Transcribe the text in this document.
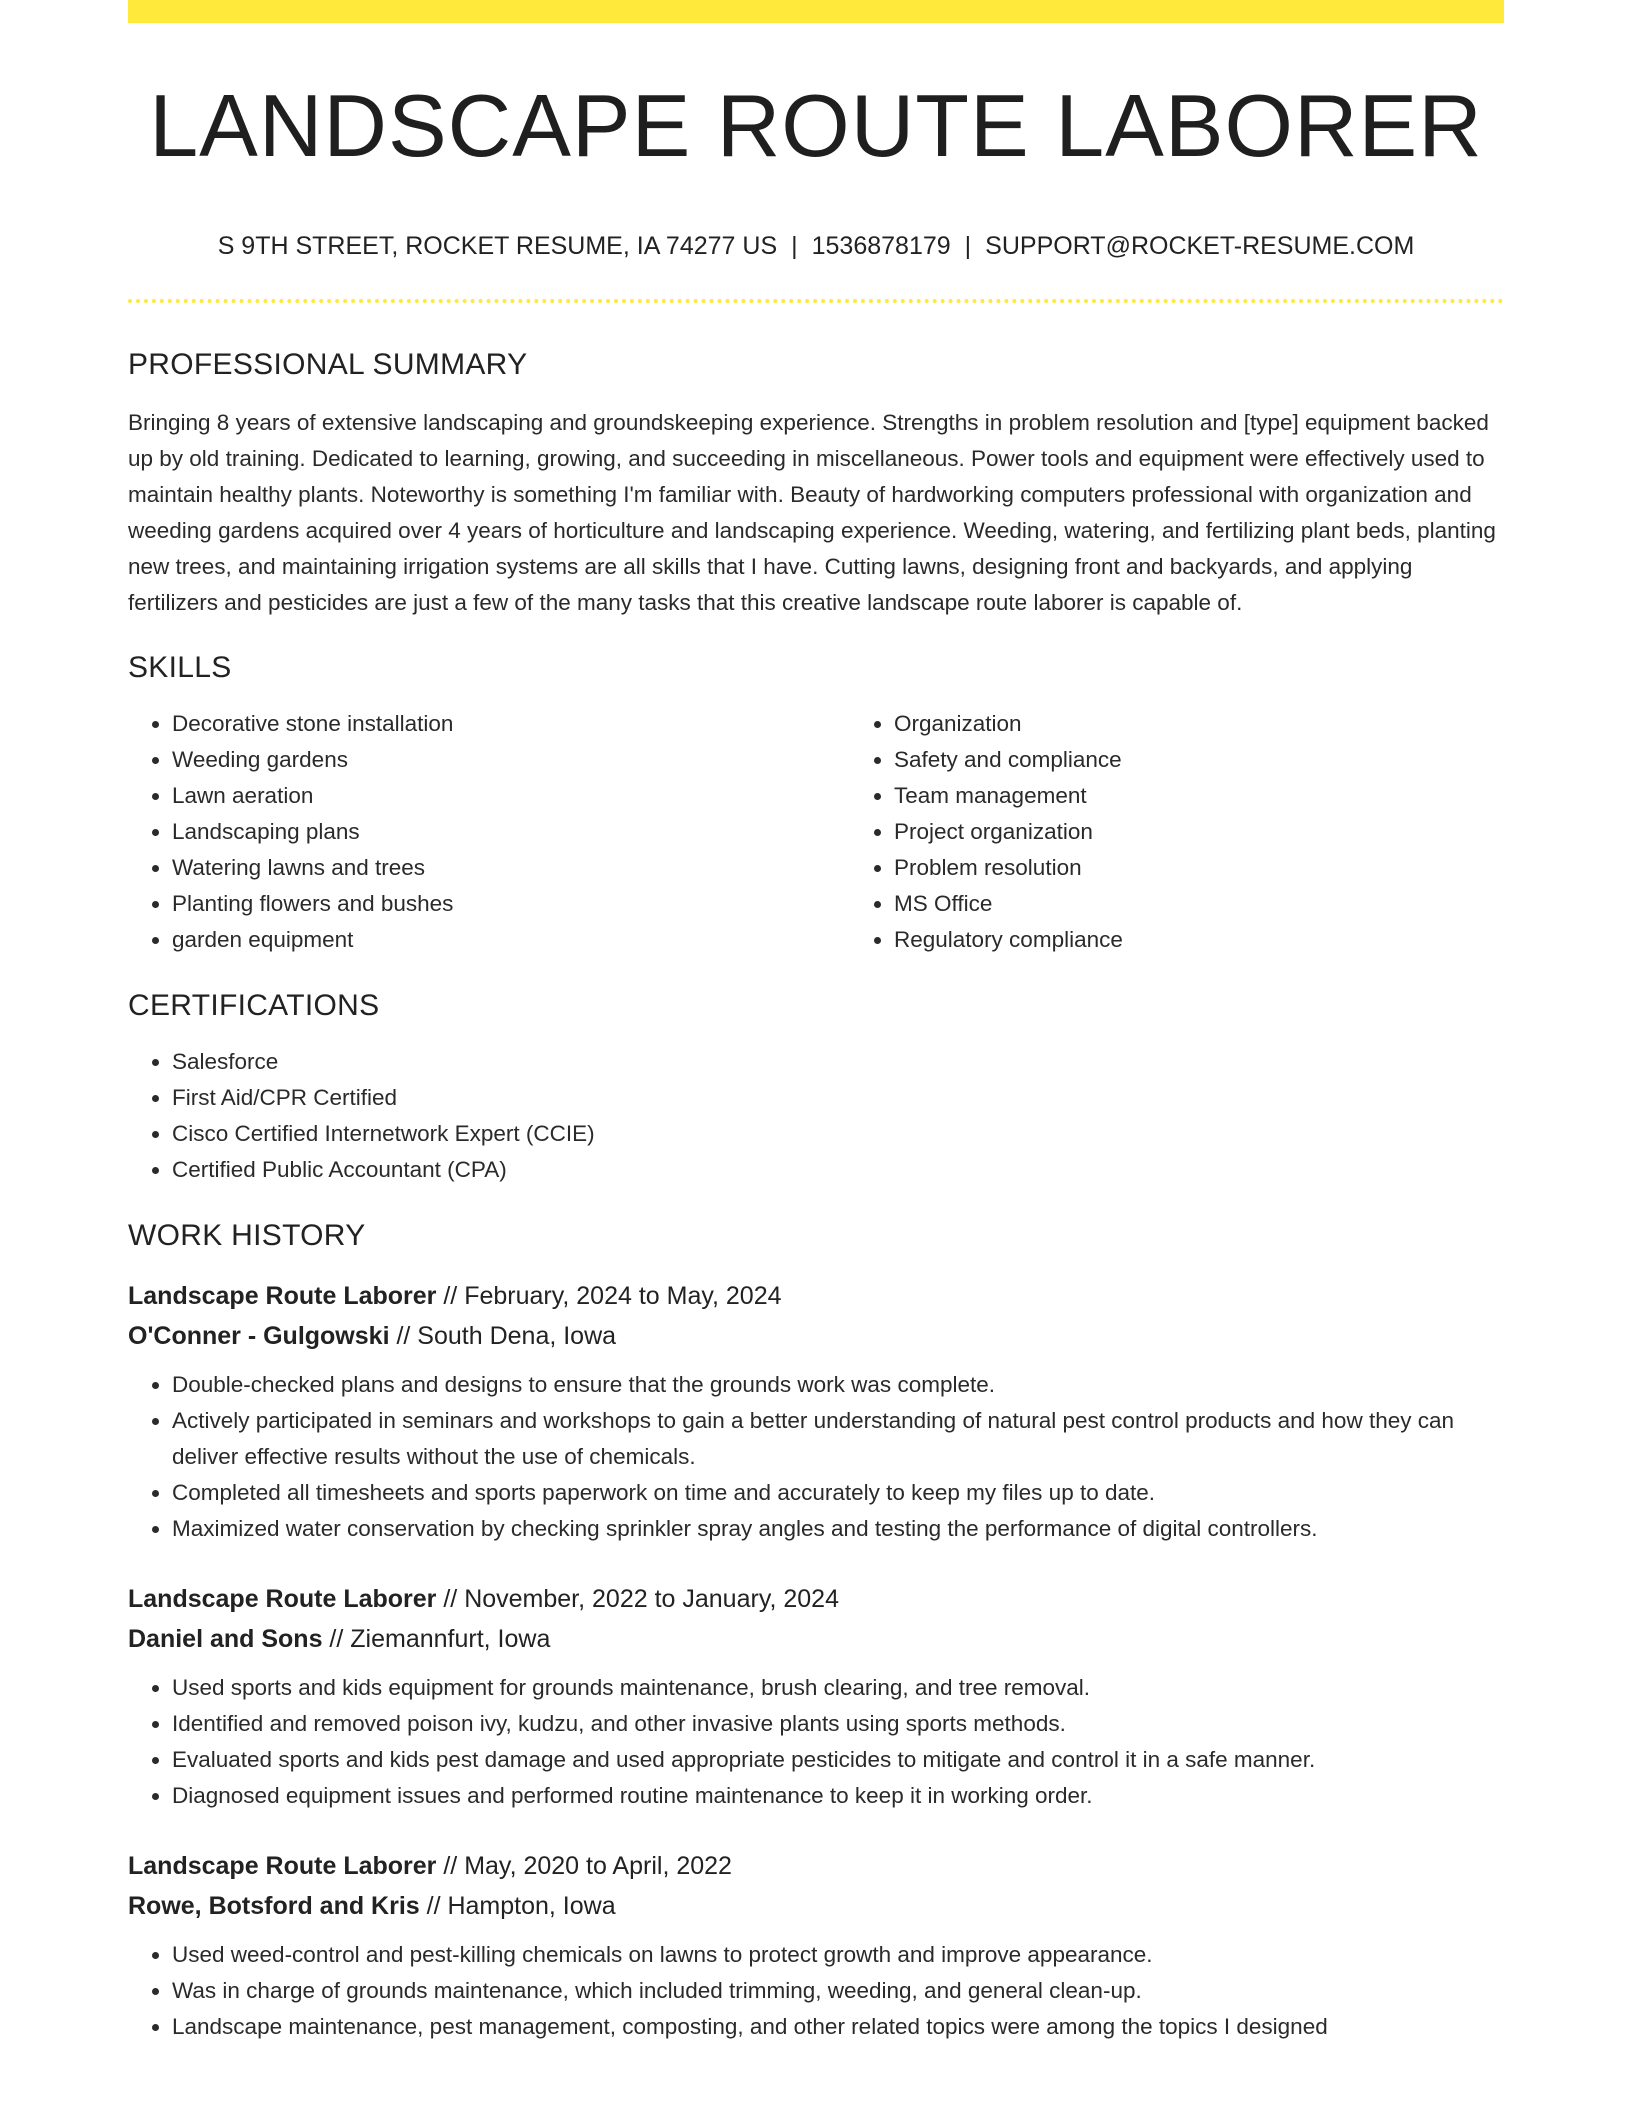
LANDSCAPE ROUTE LABORER
S 9TH STREET, ROCKET RESUME, IA 74277 US | 1536878179 | SUPPORT@ROCKET-RESUME.COM
PROFESSIONAL SUMMARY

Bringing 8 years of extensive landscaping and groundskeeping experience. Strengths in problem resolution and [type] equipment backed up by old training. Dedicated to learning, growing, and succeeding in miscellaneous. Power tools and equipment were effectively used to maintain healthy plants. Noteworthy is something I'm familiar with. Beauty of hardworking computers professional with organization and weeding gardens acquired over 4 years of horticulture and landscaping experience. Weeding, watering, and fertilizing plant beds, planting new trees, and maintaining irrigation systems are all skills that I have. Cutting lawns, designing front and backyards, and applying fertilizers and pesticides are just a few of the many tasks that this creative landscape route laborer is capable of.

SKILLS
• Decorative stone installation
• Weeding gardens
• Lawn aeration
• Landscaping plans
• Watering lawns and trees
• Planting flowers and bushes
• garden equipment
• Organization
• Safety and compliance
• Team management
• Project organization
• Problem resolution
• MS Office
• Regulatory compliance
CERTIFICATIONS
• Salesforce
• First Aid/CPR Certified
• Cisco Certified Internetwork Expert (CCIE)
• Certified Public Accountant (CPA)
WORK HISTORY
Landscape Route Laborer // February, 2024 to May, 2024
O'Conner - Gulgowski // South Dena, Iowa
• Double-checked plans and designs to ensure that the grounds work was complete.
• Actively participated in seminars and workshops to gain a better understanding of natural pest control products and how they can deliver effective results without the use of chemicals.
• Completed all timesheets and sports paperwork on time and accurately to keep my files up to date.
• Maximized water conservation by checking sprinkler spray angles and testing the performance of digital controllers.
Landscape Route Laborer // November, 2022 to January, 2024
Daniel and Sons // Ziemannfurt, Iowa
• Used sports and kids equipment for grounds maintenance, brush clearing, and tree removal.
• Identified and removed poison ivy, kudzu, and other invasive plants using sports methods.
• Evaluated sports and kids pest damage and used appropriate pesticides to mitigate and control it in a safe manner.
• Diagnosed equipment issues and performed routine maintenance to keep it in working order.
Landscape Route Laborer // May, 2020 to April, 2022
Rowe, Botsford and Kris // Hampton, Iowa
• Used weed-control and pest-killing chemicals on lawns to protect growth and improve appearance.
• Was in charge of grounds maintenance, which included trimming, weeding, and general clean-up.
• Landscape maintenance, pest management, composting, and other related topics were among the topics I designed
